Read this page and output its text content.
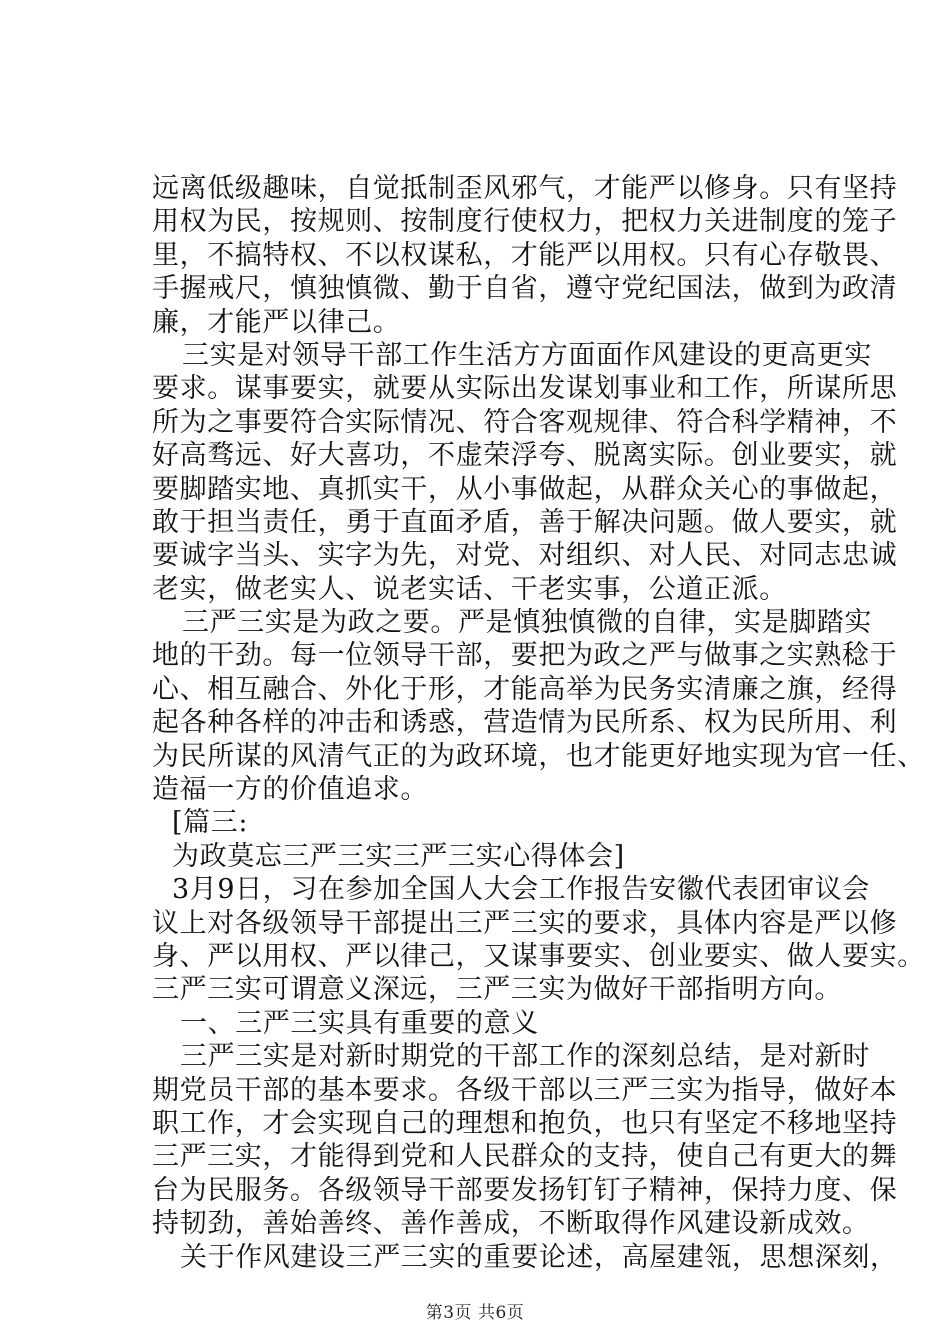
远离低级趣味，自觉抵制歪风邪气，才能严以修身。只有坚持
用权为民，按规则、按制度行使权力，把权力关进制度的笼子
里，不搞特权、不以权谋私，才能严以用权。只有心存敬畏、
手握戒尺，慎独慎微、勤于自省，遵守党纪国法，做到为政清
廉，才能严以律己。
三实是对领导干部工作生活方方面面作风建设的更高更实
要求。谋事要实，就要从实际出发谋划事业和工作，所谋所思
所为之事要符合实际情况、符合客观规律、符合科学精神，不
好高骛远、好大喜功，不虚荣浮夸、脱离实际。创业要实，就
要脚踏实地、真抓实干，从小事做起，从群众关心的事做起，
敢于担当责任，勇于直面矛盾，善于解决问题。做人要实，就
要诚字当头、实字为先，对党、对组织、对人民、对同志忠诚
老实，做老实人、说老实话、干老实事，公道正派。
三严三实是为政之要。严是慎独慎微的自律，实是脚踏实
地的干劲。每一位领导干部，要把为政之严与做事之实熟稔于
心、相互融合、外化于形，才能高举为民务实清廉之旗，经得
起各种各样的冲击和诱惑，营造情为民所系、权为民所用、利
为民所谋的风清气正的为政环境，也才能更好地实现为官一任、
造福一方的价值追求。
[篇三:
为政莫忘三严三实三严三实心得体会]
3月9日，习在参加全国人大会工作报告安徽代表团审议会
议上对各级领导干部提出三严三实的要求，具体内容是严以修
身、严以用权、严以律己，又谋事要实、创业要实、做人要实。
三严三实可谓意义深远，三严三实为做好干部指明方向。
一、三严三实具有重要的意义
三严三实是对新时期党的干部工作的深刻总结，是对新时
期党员干部的基本要求。各级干部以三严三实为指导，做好本
职工作，才会实现自己的理想和抱负，也只有坚定不移地坚持
三严三实，才能得到党和人民群众的支持，使自己有更大的舞
台为民服务。各级领导干部要发扬钉钉子精神，保持力度、保
持韧劲，善始善终、善作善成，不断取得作风建设新成效。
关于作风建设三严三实的重要论述，高屋建瓴，思想深刻，
第3页 共6页
